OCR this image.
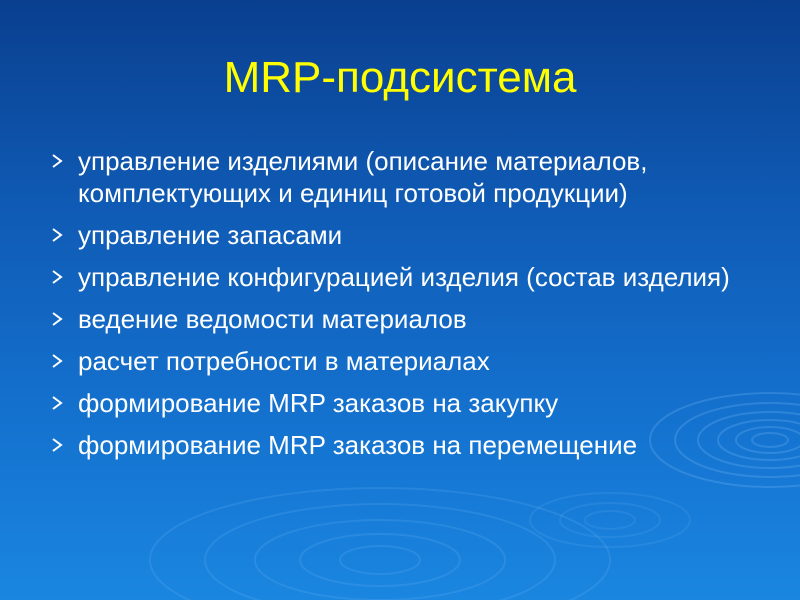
MRP-подсистема
управление изделиями (описание материалов, комплектующих и единиц готовой продукции)
управление запасами
управление конфигурацией изделия (состав изделия)
ведение ведомости материалов
расчет потребности в материалах
формирование MRP заказов на закупку
формирование MRP заказов на перемещение
